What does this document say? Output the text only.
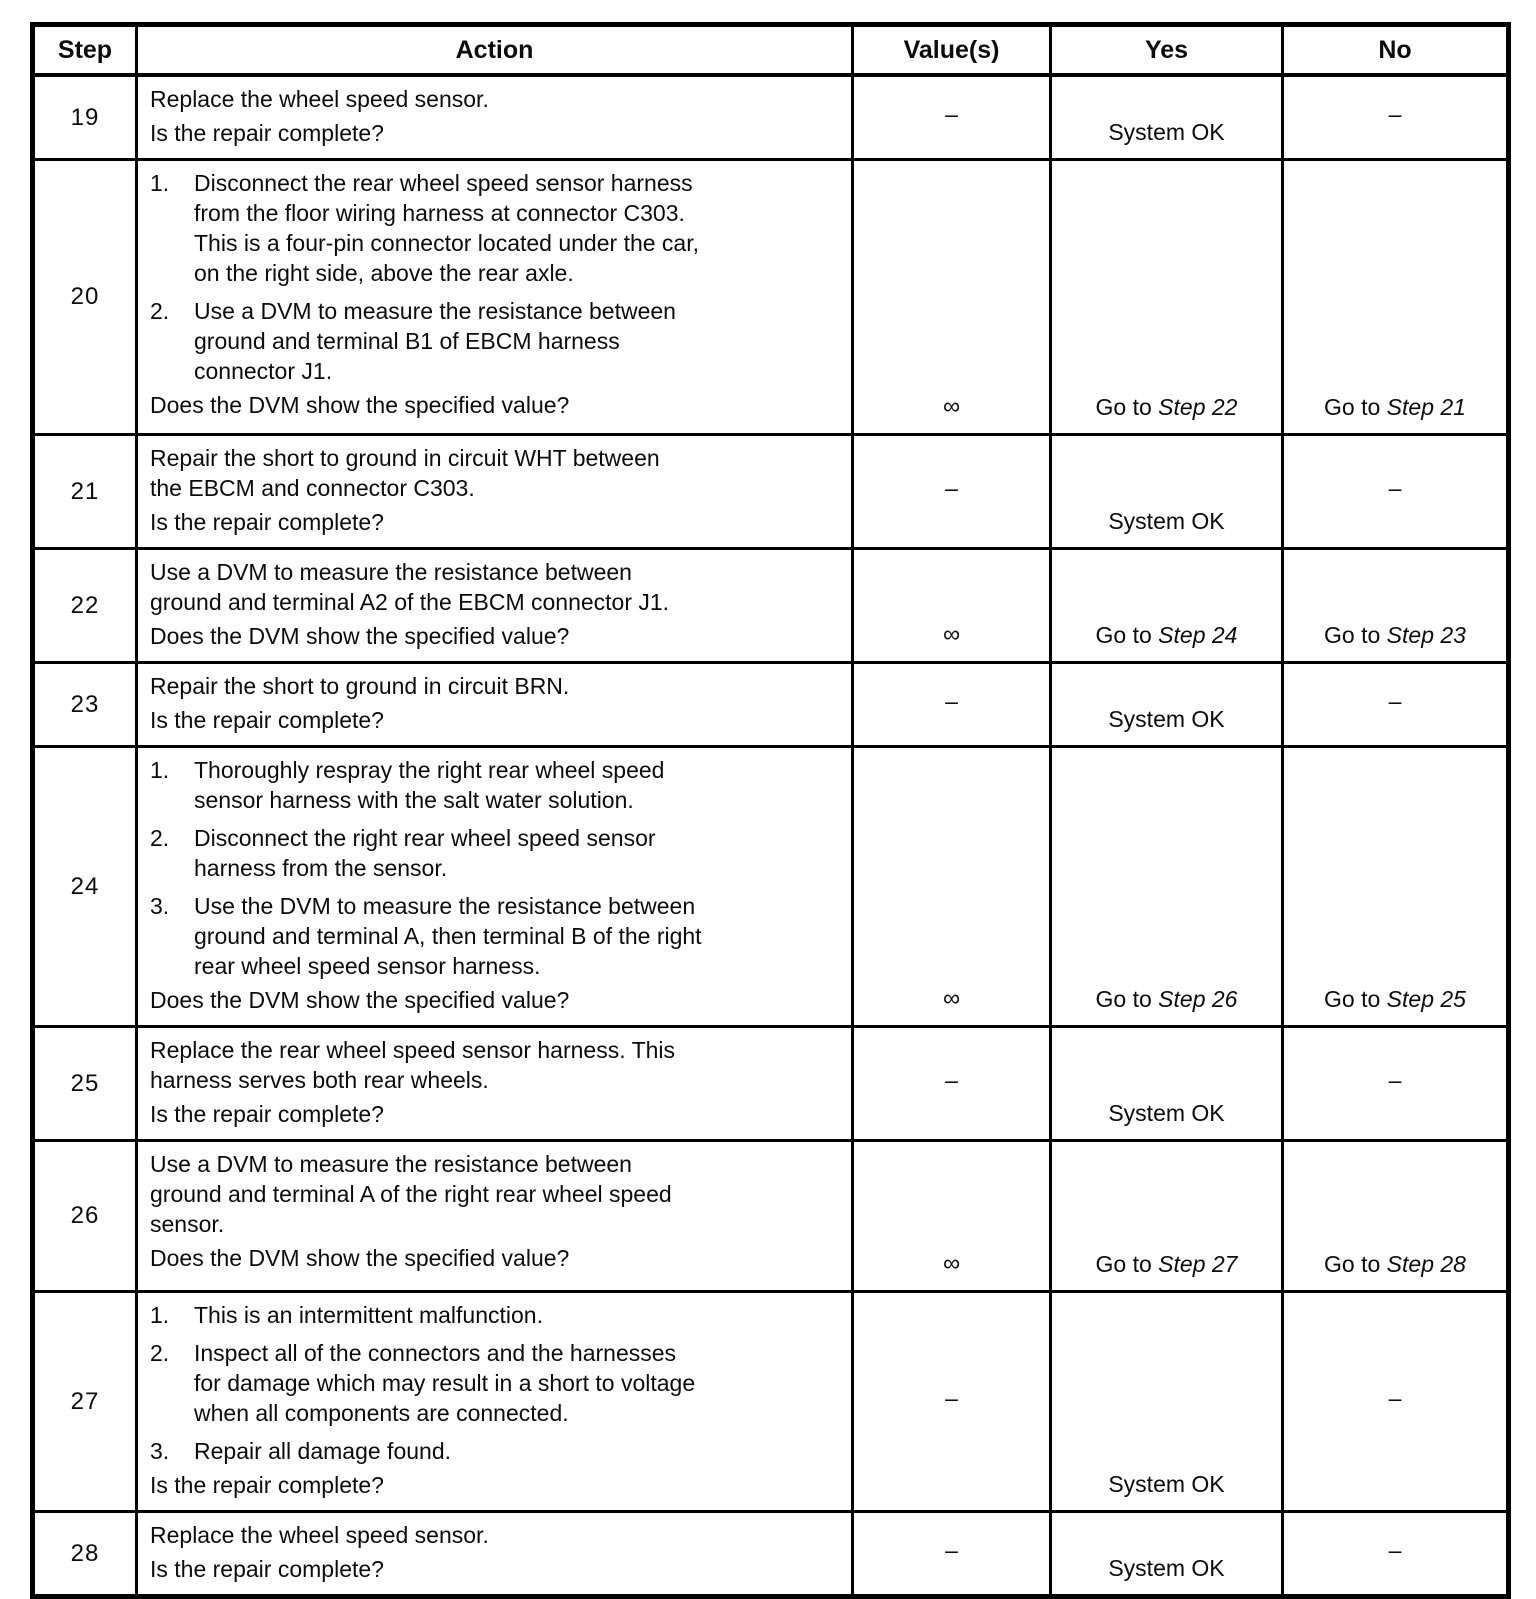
Step	Action	Value(s)	Yes	No
19	Replace the wheel speed sensor.
Is the repair complete?	–	System OK	–
20	
1.	Disconnect the rear wheel speed sensor harness
from the floor wiring harness at connector C303.
This is a four-pin connector located under the car,
on the right side, above the rear axle.
2.	Use a DVM to measure the resistance between
ground and terminal B1 of EBCM harness
connector J1.
Does the DVM show the specified value?	∞	Go to Step 22	Go to Step 21
21	Repair the short to ground in circuit WHT between
the EBCM and connector C303.
Is the repair complete?	–	System OK	–
22	Use a DVM to measure the resistance between
ground and terminal A2 of the EBCM connector J1.
Does the DVM show the specified value?	∞	Go to Step 24	Go to Step 23
23	Repair the short to ground in circuit BRN.
Is the repair complete?	–	System OK	–
24	
1.	Thoroughly respray the right rear wheel speed
sensor harness with the salt water solution.
2.	Disconnect the right rear wheel speed sensor
harness from the sensor.
3.	Use the DVM to measure the resistance between
ground and terminal A, then terminal B of the right
rear wheel speed sensor harness.
Does the DVM show the specified value?	∞	Go to Step 26	Go to Step 25
25	Replace the rear wheel speed sensor harness. This
harness serves both rear wheels.
Is the repair complete?	–	System OK	–
26	Use a DVM to measure the resistance between
ground and terminal A of the right rear wheel speed
sensor.
Does the DVM show the specified value?	∞	Go to Step 27	Go to Step 28
27	
1.	This is an intermittent malfunction.
2.	Inspect all of the connectors and the harnesses
for damage which may result in a short to voltage
when all components are connected.
3.	Repair all damage found.
Is the repair complete?
	–	System OK	–
28	Replace the wheel speed sensor.
Is the repair complete?	–	System OK	–
